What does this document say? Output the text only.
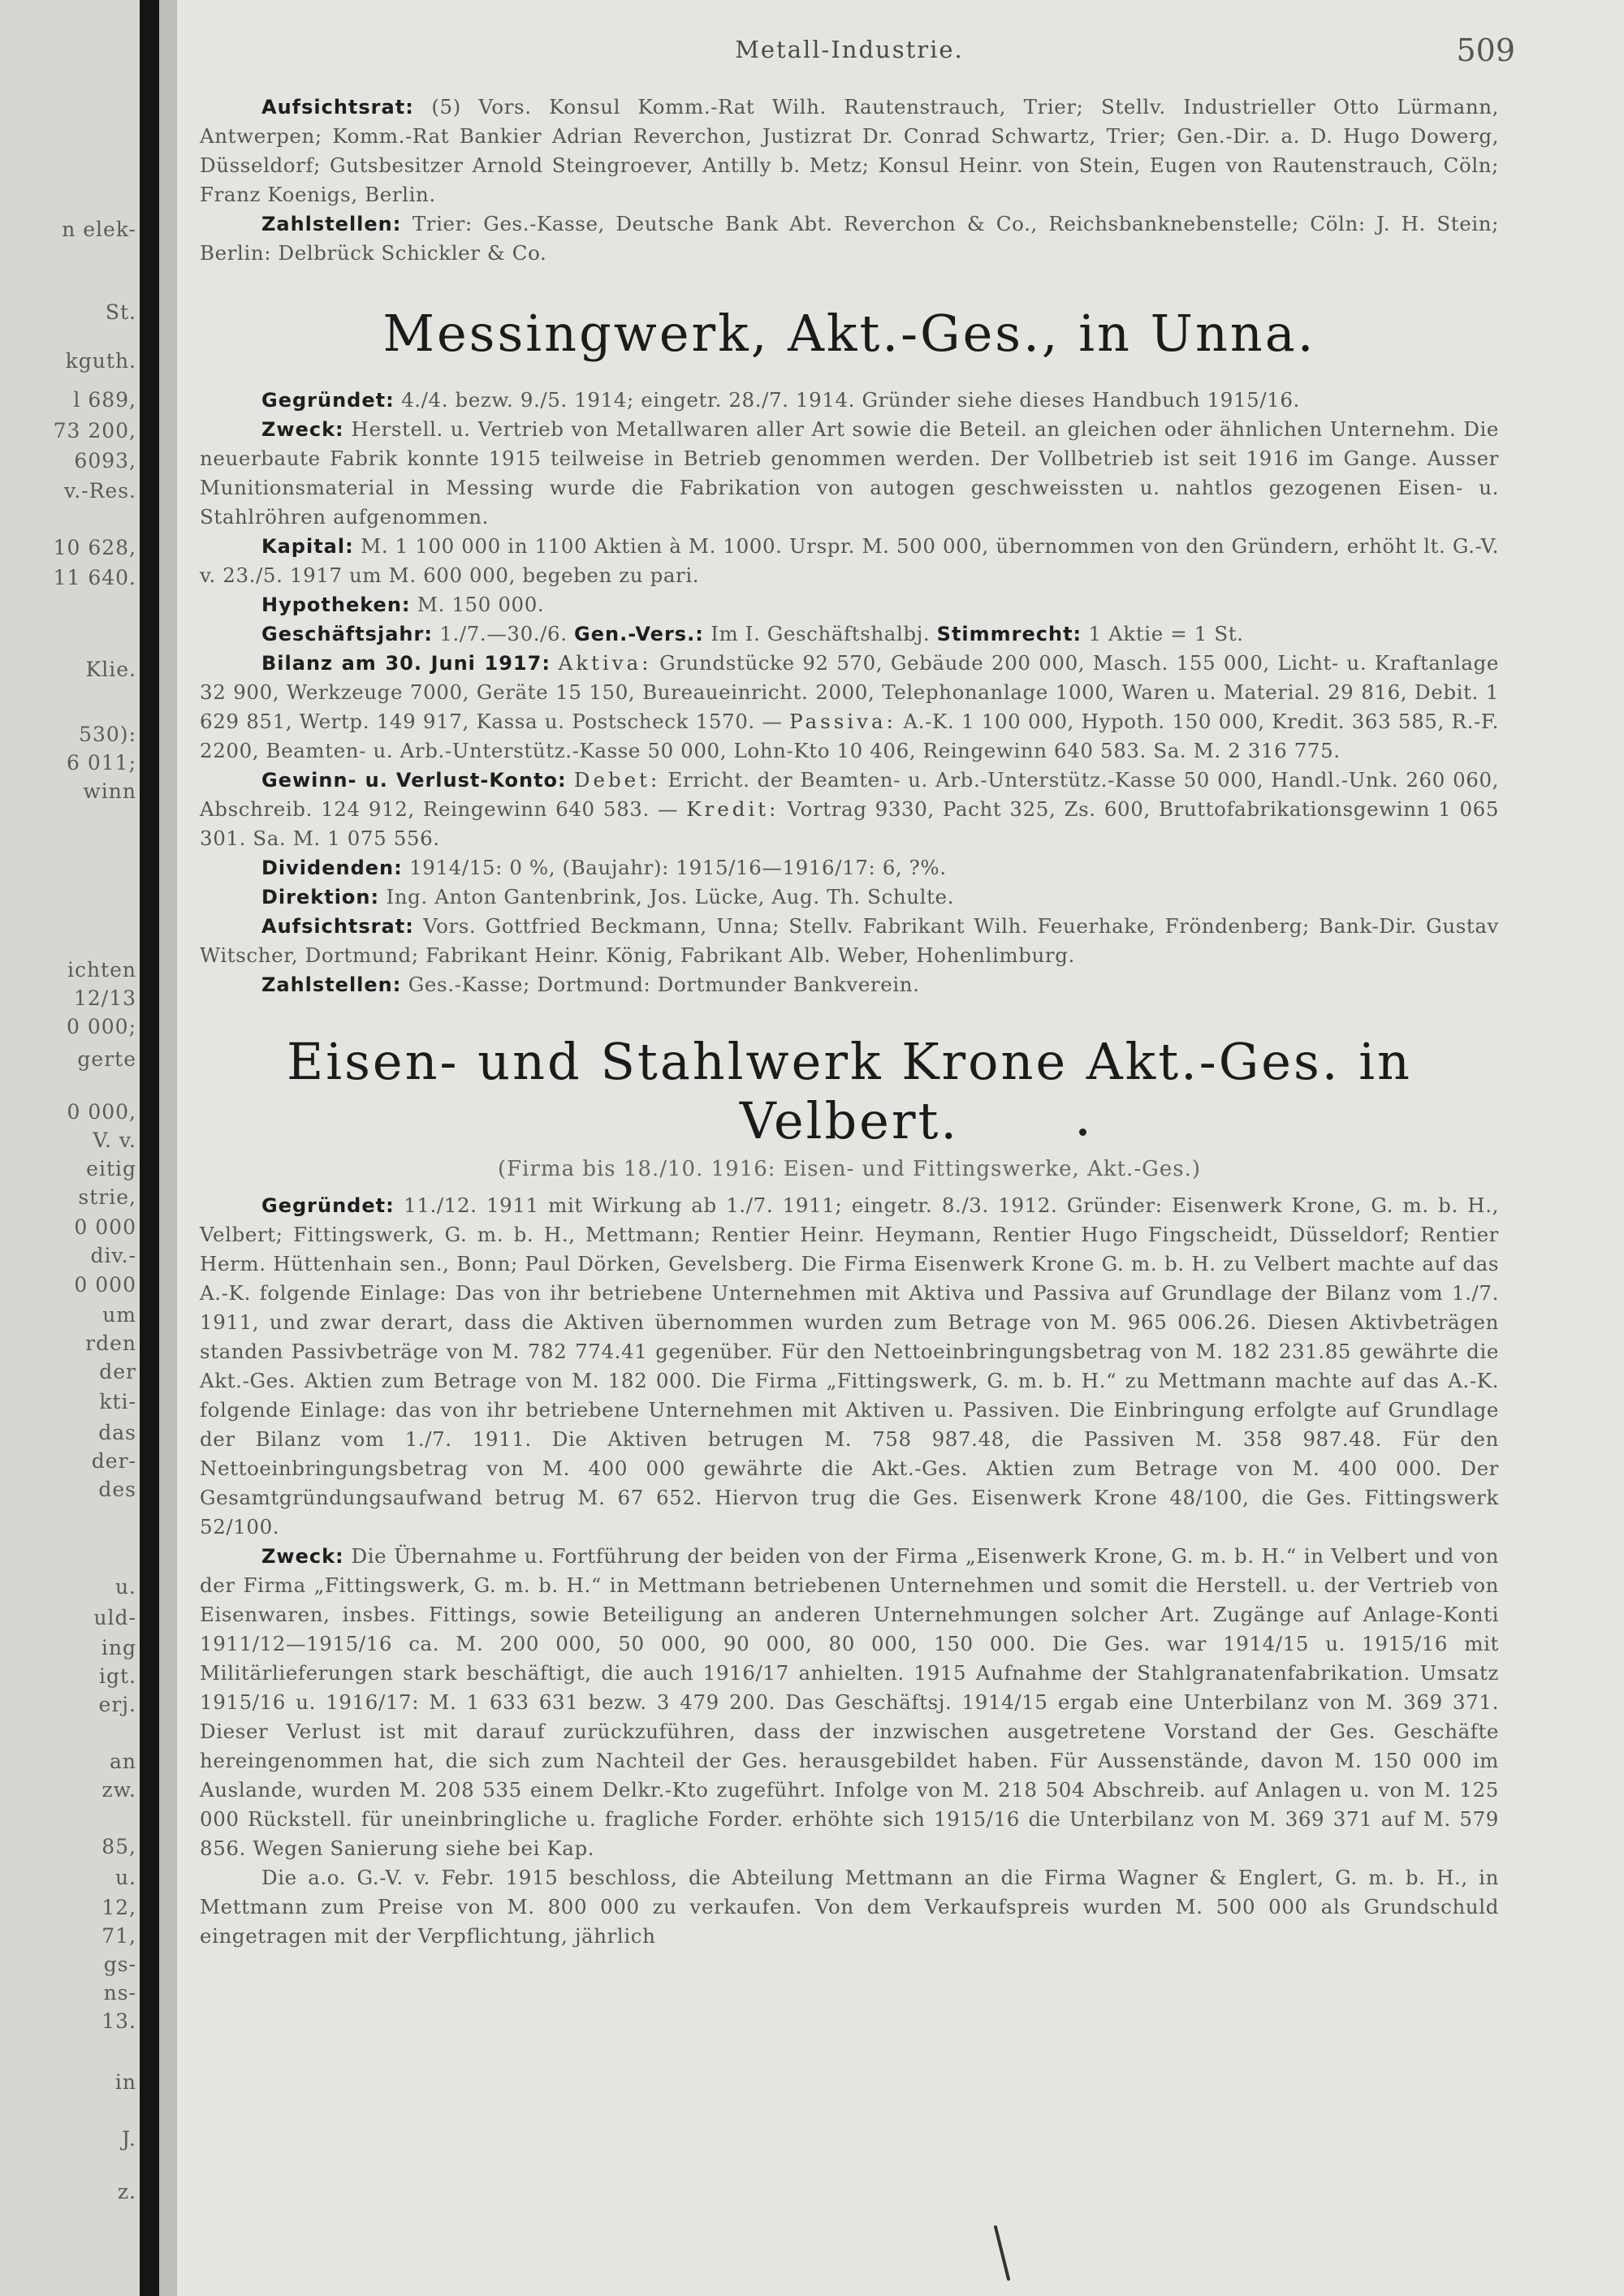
n elek-
St.
kguth.
l 689,
73 200,
6093,
v.-Res.
10 628,
11 640.
Klie.
530):
6 011;
winn
ichten
12/13
0 000;
gerte
0 000,
V. v.
eitig
strie,
0 000
div.-
0 000
um
rden
der
kti-
das
der-
des
u.
uld-
ing
igt.
erj.
an
zw.
85,
u.
12,
71,
gs-
ns-
13.
in
J.
z.
Metall-Industrie.	509

Aufsichtsrat: (5) Vors. Konsul Komm.-Rat Wilh. Rautenstrauch, Trier; Stellv. Industrieller Otto Lürmann, Antwerpen; Komm.-Rat Bankier Adrian Reverchon, Justizrat Dr. Conrad Schwartz, Trier; Gen.-Dir. a. D. Hugo Dowerg, Düsseldorf; Gutsbesitzer Arnold Steingroever, Antilly b. Metz; Konsul Heinr. von Stein, Eugen von Rautenstrauch, Cöln; Franz Koenigs, Berlin.

Zahlstellen: Trier: Ges.-Kasse, Deutsche Bank Abt. Reverchon & Co., Reichsbanknebenstelle; Cöln: J. H. Stein; Berlin: Delbrück Schickler & Co.

Messingwerk, Akt.-Ges., in Unna.

Gegründet: 4./4. bezw. 9./5. 1914; eingetr. 28./7. 1914. Gründer siehe dieses Handbuch 1915/16.

Zweck: Herstell. u. Vertrieb von Metallwaren aller Art sowie die Beteil. an gleichen oder ähnlichen Unternehm. Die neuerbaute Fabrik konnte 1915 teilweise in Betrieb genommen werden. Der Vollbetrieb ist seit 1916 im Gange. Ausser Munitionsmaterial in Messing wurde die Fabrikation von autogen geschweissten u. nahtlos gezogenen Eisen- u. Stahlröhren aufgenommen.

Kapital: M. 1 100 000 in 1100 Aktien à M. 1000. Urspr. M. 500 000, übernommen von den Gründern, erhöht lt. G.-V. v. 23./5. 1917 um M. 600 000, begeben zu pari.

Hypotheken: M. 150 000.

Geschäftsjahr: 1./7.—30./6. Gen.-Vers.: Im I. Geschäftshalbj. Stimmrecht: 1 Aktie = 1 St.

Bilanz am 30. Juni 1917: Aktiva: Grundstücke 92 570, Gebäude 200 000, Masch. 155 000, Licht- u. Kraftanlage 32 900, Werkzeuge 7000, Geräte 15 150, Bureaueinricht. 2000, Telephonanlage 1000, Waren u. Material. 29 816, Debit. 1 629 851, Wertp. 149 917, Kassa u. Postscheck 1570. — Passiva: A.-K. 1 100 000, Hypoth. 150 000, Kredit. 363 585, R.-F. 2200, Beamten- u. Arb.-Unterstütz.-Kasse 50 000, Lohn-Kto 10 406, Reingewinn 640 583. Sa. M. 2 316 775.

Gewinn- u. Verlust-Konto: Debet: Erricht. der Beamten- u. Arb.-Unterstütz.-Kasse 50 000, Handl.-Unk. 260 060, Abschreib. 124 912, Reingewinn 640 583. — Kredit: Vortrag 9330, Pacht 325, Zs. 600, Bruttofabrikationsgewinn 1 065 301. Sa. M. 1 075 556.

Dividenden: 1914/15: 0 %, (Baujahr): 1915/16—1916/17: 6, ?%.

Direktion: Ing. Anton Gantenbrink, Jos. Lücke, Aug. Th. Schulte.

Aufsichtsrat: Vors. Gottfried Beckmann, Unna; Stellv. Fabrikant Wilh. Feuerhake, Fröndenberg; Bank-Dir. Gustav Witscher, Dortmund; Fabrikant Heinr. König, Fabrikant Alb. Weber, Hohenlimburg.

Zahlstellen: Ges.-Kasse; Dortmund: Dortmunder Bankverein.

Eisen- und Stahlwerk Krone Akt.-Ges. in Velbert.
(Firma bis 18./10. 1916: Eisen- und Fittingswerke, Akt.-Ges.)

Gegründet: 11./12. 1911 mit Wirkung ab 1./7. 1911; eingetr. 8./3. 1912. Gründer: Eisenwerk Krone, G. m. b. H., Velbert; Fittingswerk, G. m. b. H., Mettmann; Rentier Heinr. Heymann, Rentier Hugo Fingscheidt, Düsseldorf; Rentier Herm. Hüttenhain sen., Bonn; Paul Dörken, Gevelsberg. Die Firma Eisenwerk Krone G. m. b. H. zu Velbert machte auf das A.-K. folgende Einlage: Das von ihr betriebene Unternehmen mit Aktiva und Passiva auf Grundlage der Bilanz vom 1./7. 1911, und zwar derart, dass die Aktiven übernommen wurden zum Betrage von M. 965 006.26. Diesen Aktivbeträgen standen Passivbeträge von M. 782 774.41 gegenüber. Für den Nettoeinbringungsbetrag von M. 182 231.85 gewährte die Akt.-Ges. Aktien zum Betrage von M. 182 000. Die Firma „Fittingswerk, G. m. b. H.“ zu Mettmann machte auf das A.-K. folgende Einlage: das von ihr betriebene Unternehmen mit Aktiven u. Passiven. Die Einbringung erfolgte auf Grundlage der Bilanz vom 1./7. 1911. Die Aktiven betrugen M. 758 987.48, die Passiven M. 358 987.48. Für den Nettoeinbringungsbetrag von M. 400 000 gewährte die Akt.-Ges. Aktien zum Betrage von M. 400 000. Der Gesamtgründungsaufwand betrug M. 67 652. Hiervon trug die Ges. Eisenwerk Krone 48/100, die Ges. Fittingswerk 52/100.

Zweck: Die Übernahme u. Fortführung der beiden von der Firma „Eisenwerk Krone, G. m. b. H.“ in Velbert und von der Firma „Fittingswerk, G. m. b. H.“ in Mettmann betriebenen Unternehmen und somit die Herstell. u. der Vertrieb von Eisenwaren, insbes. Fittings, sowie Beteiligung an anderen Unternehmungen solcher Art. Zugänge auf Anlage-Konti 1911/12—1915/16 ca. M. 200 000, 50 000, 90 000, 80 000, 150 000. Die Ges. war 1914/15 u. 1915/16 mit Militärlieferungen stark beschäftigt, die auch 1916/17 anhielten. 1915 Aufnahme der Stahlgranatenfabrikation. Umsatz 1915/16 u. 1916/17: M. 1 633 631 bezw. 3 479 200. Das Geschäftsj. 1914/15 ergab eine Unterbilanz von M. 369 371. Dieser Verlust ist mit darauf zurückzuführen, dass der inzwischen ausgetretene Vorstand der Ges. Geschäfte hereingenommen hat, die sich zum Nachteil der Ges. herausgebildet haben. Für Aussenstände, davon M. 150 000 im Auslande, wurden M. 208 535 einem Delkr.-Kto zugeführt. Infolge von M. 218 504 Abschreib. auf Anlagen u. von M. 125 000 Rückstell. für uneinbringliche u. fragliche Forder. erhöhte sich 1915/16 die Unterbilanz von M. 369 371 auf M. 579 856. Wegen Sanierung siehe bei Kap.

Die a.o. G.-V. v. Febr. 1915 beschloss, die Abteilung Mettmann an die Firma Wagner & Englert, G. m. b. H., in Mettmann zum Preise von M. 800 000 zu verkaufen. Von dem Verkaufspreis wurden M. 500 000 als Grundschuld eingetragen mit der Verpflichtung, jährlich
